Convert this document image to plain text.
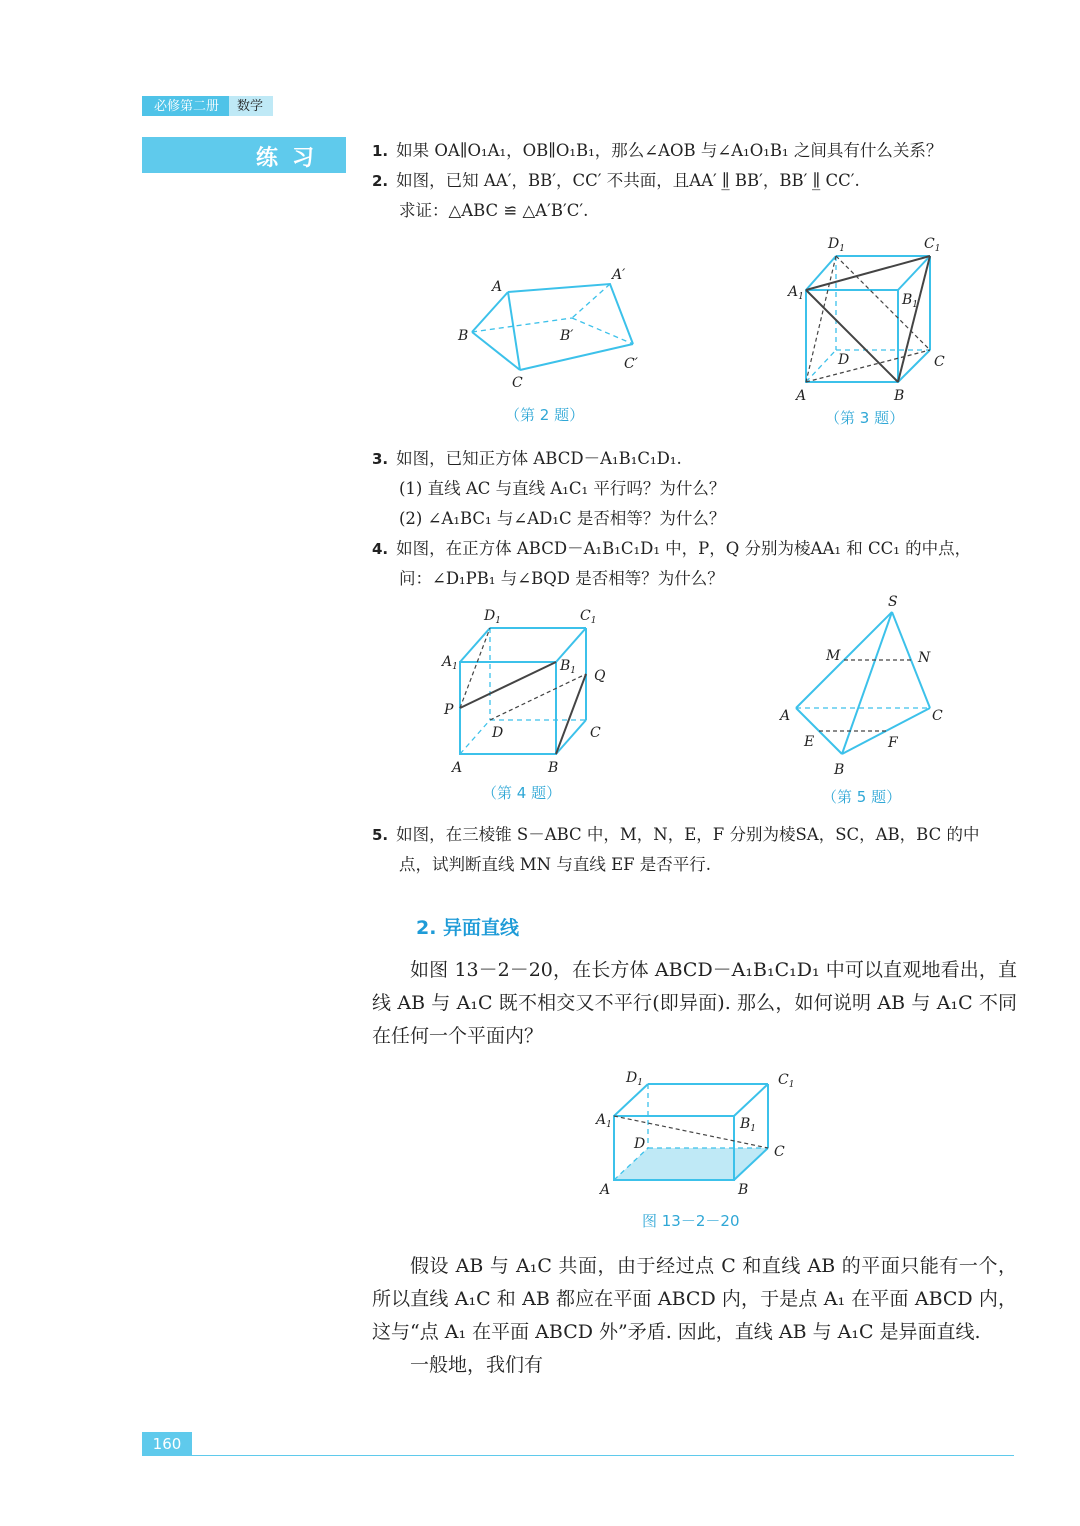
必修第二册	数学
练习	1. 如果 OA∥O₁A₁，OB∥O₁B₁，那么∠AOB 与∠A₁O₁B₁ 之间具有什么关系？
2. 如图，已知 AA′，BB′，CC′ 不共面，且AA′ ∥̲ BB′，BB′ ∥̲ CC′.
求证：△ABC ≌ △A′B′C′.
A
A′
B	B′
C
C′
（第 2 题）
$D_1$	$C_1$
$A_1$	$B_1$
D	C
A	B
（第 3 题）
3. 如图，已知正方体 ABCD－A₁B₁C₁D₁.
(1) 直线 AC 与直线 A₁C₁ 平行吗？为什么？
(2) ∠A₁BC₁ 与∠AD₁C 是否相等？为什么？
4. 如图，在正方体 ABCD－A₁B₁C₁D₁ 中，P，Q 分别为棱AA₁ 和 CC₁ 的中点，
问：∠D₁PB₁ 与∠BQD 是否相等？为什么？
$D_1$	$C_1$
$A_1$	$B_1$ Q
P
D	C
A	B
（第 4 题）
S
M	N
A	C
E	F
B
（第 5 题）
5. 如图，在三棱锥 S－ABC 中，M，N，E，F 分别为棱SA，SC，AB，BC 的中
点，试判断直线 MN 与直线 EF 是否平行.
2. 异面直线

如图 13－2－20，在长方体 ABCD－A₁B₁C₁D₁ 中可以直观地看出，直线 AB 与 A₁C 既不相交又不平行(即异面). 那么，如何说明 AB 与 A₁C 不同在任何一个平面内？

$D_1$	$C_1$
$A_1$	$B_1$
D	C
A	B
图 13－2－20

假设 AB 与 A₁C 共面，由于经过点 C 和直线 AB 的平面只能有一个，所以直线 A₁C 和 AB 都应在平面 ABCD 内，于是点 A₁ 在平面 ABCD 内，这与“点 A₁ 在平面 ABCD 外”矛盾. 因此，直线 AB 与 A₁C 是异面直线.

一般地，我们有

160
